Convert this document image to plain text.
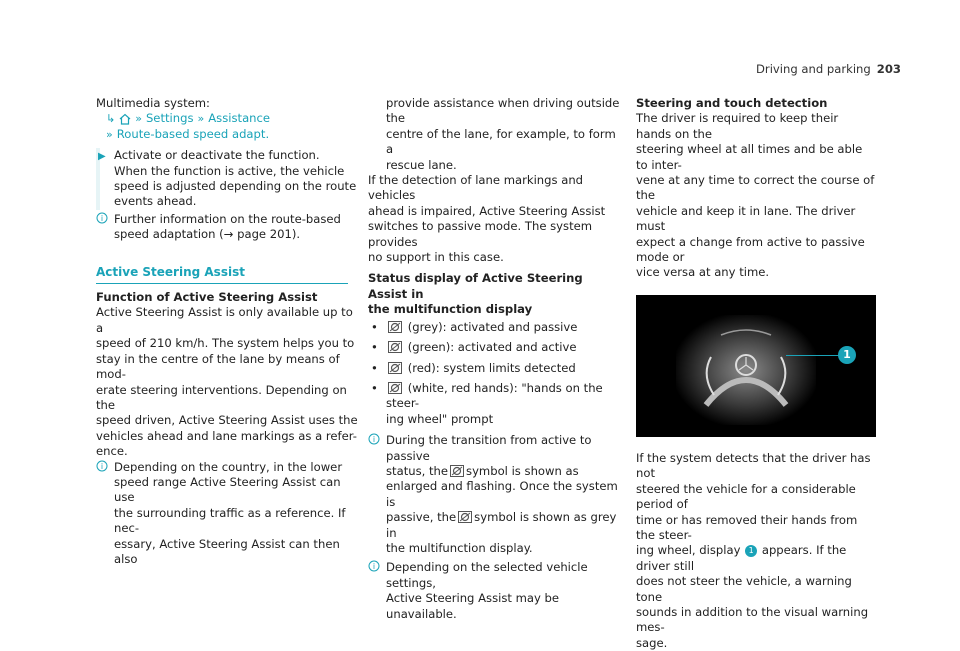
Driving and parking 203

Multimedia system:

↳ » Settings » Assistance
» Route-based speed adapt.
▶ Activate or deactivate the function.

When the function is active, the vehicle

speed is adjusted depending on the route

events ahead.

i Further information on the route-based

speed adaptation (→ page 201).

Active Steering Assist

Function of Active Steering Assist

Active Steering Assist is only available up to a

speed of 210 km/h. The system helps you to

stay in the centre of the lane by means of mod-

erate steering interventions. Depending on the

speed driven, Active Steering Assist uses the

vehicles ahead and lane markings as a refer-

ence.

i Depending on the country, in the lower

speed range Active Steering Assist can use

the surrounding traffic as a reference. If nec-

essary, Active Steering Assist can then also

provide assistance when driving outside the

centre of the lane, for example, to form a

rescue lane.

If the detection of lane markings and vehicles

ahead is impaired, Active Steering Assist

switches to passive mode. The system provides

no support in this case.

Status display of Active Steering Assist in

the multifunction display

•	(grey): activated and passive
•	(green): activated and active
•	(red): system limits detected
•	(white, red hands): "hands on the steer-

ing wheel" prompt

i During the transition from active to passive

status, the symbol is shown as

enlarged and flashing. Once the system is

passive, the symbol is shown as grey in

the multifunction display.

i Depending on the selected vehicle settings,

Active Steering Assist may be unavailable.

Steering and touch detection

The driver is required to keep their hands on the

steering wheel at all times and be able to inter-

vene at any time to correct the course of the

vehicle and keep it in lane. The driver must

expect a change from active to passive mode or

vice versa at any time.

1

If the system detects that the driver has not

steered the vehicle for a considerable period of

time or has removed their hands from the steer-

ing wheel, display 1 appears. If the driver still

does not steer the vehicle, a warning tone

sounds in addition to the visual warning mes-

sage.
